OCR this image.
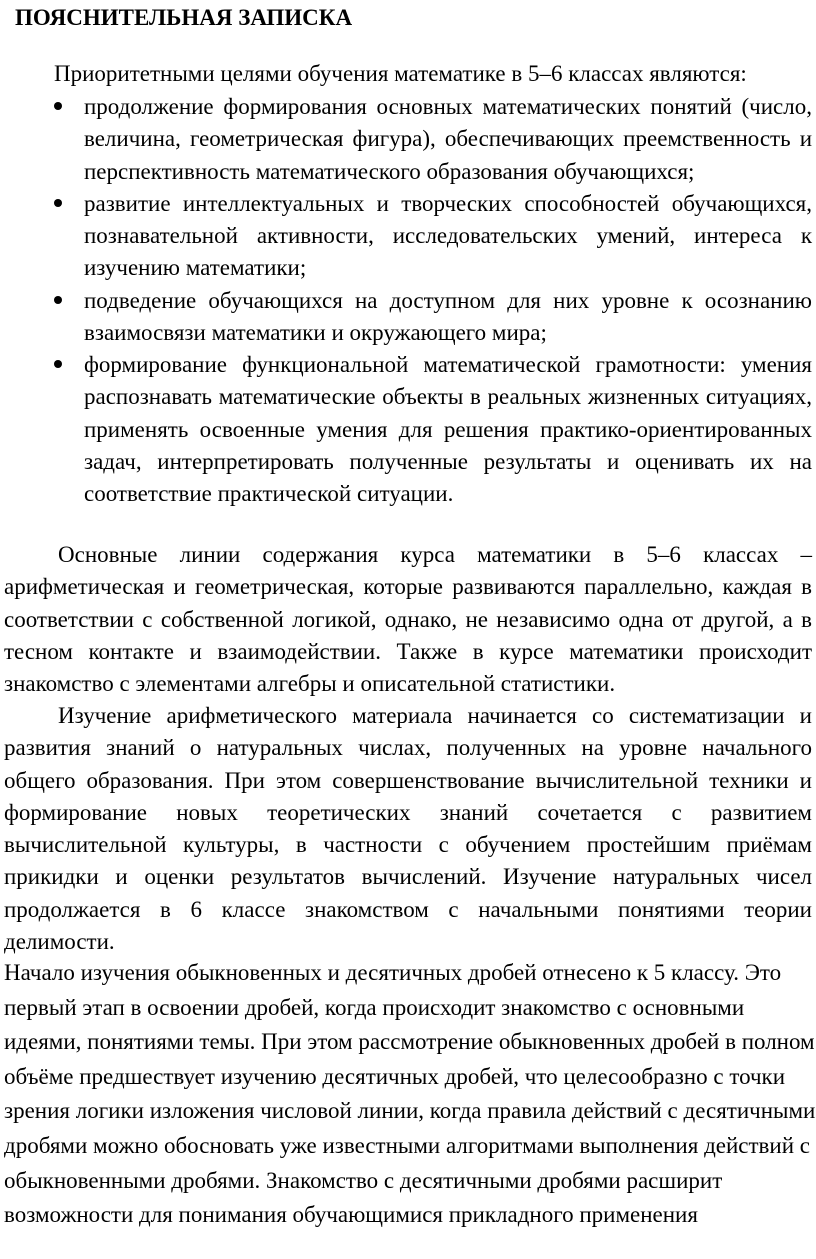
ПОЯСНИТЕЛЬНАЯ ЗАПИСКА
Приоритетными целями обучения математике в 5–6 классах являются:
продолжение формирования основных математических понятий (число, величина, геометрическая фигура), обеспечивающих преемственность и перспективность математического образования обучающихся;
развитие интеллектуальных и творческих способностей обучающихся, познавательной активности, исследовательских умений, интереса к изучению математики;
подведение обучающихся на доступном для них уровне к осознанию взаимосвязи математики и окружающего мира;
формирование функциональной математической грамотности: умения распознавать математические объекты в реальных жизненных ситуациях, применять освоенные умения для решения практико-ориентированных задач, интерпретировать полученные результаты и оценивать их на соответствие практической ситуации.

Основные линии содержания курса математики в 5–6 классах – арифметическая и геометрическая, которые развиваются параллельно, каждая в соответствии с собственной логикой, однако, не независимо одна от другой, а в тесном контакте и взаимодействии. Также в курсе математики происходит знакомство с элементами алгебры и описательной статистики.

Изучение арифметического материала начинается со систематизации и развития знаний о натуральных числах, полученных на уровне начального общего образования. При этом совершенствование вычислительной техники и формирование новых теоретических знаний сочетается с развитием вычислительной культуры, в частности с обучением простейшим приёмам прикидки и оценки результатов вычислений. Изучение натуральных чисел продолжается в 6 классе знакомством с начальными понятиями теории делимости.

Начало изучения обыкновенных и десятичных дробей отнесено к 5 классу. Это первый этап в освоении дробей, когда происходит знакомство с основными идеями, понятиями темы. При этом рассмотрение обыкновенных дробей в полном объёме предшествует изучению десятичных дробей, что целесообразно с точки зрения логики изложения числовой линии, когда правила действий с десятичными дробями можно обосновать уже известными алгоритмами выполнения действий с обыкновенными дробями. Знакомство с десятичными дробями расширит возможности для понимания обучающимися прикладного применения
